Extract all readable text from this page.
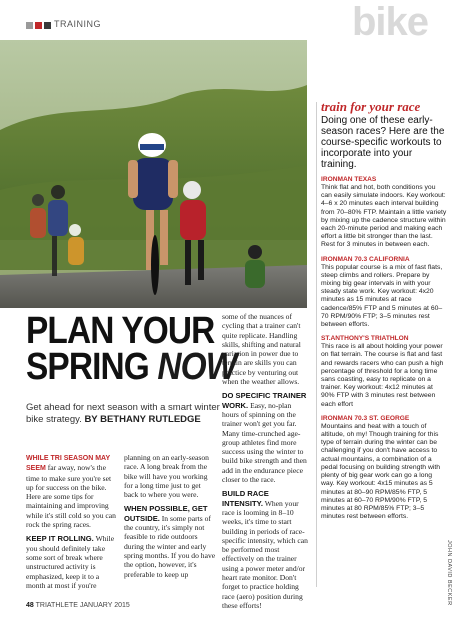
TRAINING	bike
PLAN YOUR
SPRING NOW
Get ahead for next season with a smart winter bike strategy. BY BETHANY RUTLEDGE

WHILE TRI SEASON MAY SEEM far away, now's the time to make sure you're set up for success on the bike. Here are some tips for maintaining and improving while it's still cold so you can rock the spring races.

KEEP IT ROLLING. While you should definitely take some sort of break where unstructured activity is emphasized, keep it to a month at most if you're

planning on an early-season race. A long break from the bike will have you working for a long time just to get back to where you were.

WHEN POSSIBLE, GET OUTSIDE. In some parts of the country, it's simply not feasible to ride outdoors during the winter and early spring months. If you do have the option, however, it's preferable to keep up

some of the nuances of cycling that a trainer can't quite replicate. Handling skills, shifting and natural variation in power due to terrain are skills you can practice by venturing out when the weather allows.

DO SPECIFIC TRAINER WORK. Easy, no-plan hours of spinning on the trainer won't get you far. Many time-crunched age-group athletes find more success using the winter to build bike strength and then add in the endurance piece closer to the race.

BUILD RACE INTENSITY. When your race is looming in 8–10 weeks, it's time to start building in periods of race-specific intensity, which can be performed most effectively on the trainer using a power meter and/or heart rate monitor. Don't forget to practice holding race (aero) position during these efforts!

train for your race
Doing one of these early-season races? Here are the course-specific workouts to incorporate into your training.
IRONMAN TEXAS
Think flat and hot, both conditions you can easily simulate indoors. Key workout: 4–6 x 20 minutes each interval building from 70–80% FTP. Maintain a little variety by mixing up the cadence structure within each 20-minute period and making each effort a little bit stronger than the last. Rest for 3 minutes in between each.
IRONMAN 70.3 CALIFORNIA
This popular course is a mix of fast flats, steep climbs and rollers. Prepare by mixing big gear intervals in with your steady state work. Key workout: 4x20 minutes as 15 minutes at race cadence/85% FTP and 5 minutes at 60–70 RPM/90% FTP; 3–5 minutes rest between efforts.
ST.ANTHONY'S TRIATHLON
This race is all about holding your power on flat terrain. The course is flat and fast and rewards racers who can push a high percentage of threshold for a long time sans coasting, easy to replicate on a trainer. Key workout: 4x12 minutes at 90% FTP with 3 minutes rest between each effort
IRONMAN 70.3 ST. GEORGE
Mountains and heat with a touch of altitude, oh my! Though training for this type of terrain during the winter can be challenging if you don't have access to actual mountains, a combination of a pedal focusing on building strength with plenty of big gear work can go a long way. Key workout: 4x15 minutes as 5 minutes at 80–90 RPM/85% FTP, 5 minutes at 60–70 RPM/90% FTP, 5 minutes at 80 RPM/85% FTP; 3–5 minutes rest between efforts.
JOHN DAVID BECKER
48 TRIATHLETE JANUARY 2015
